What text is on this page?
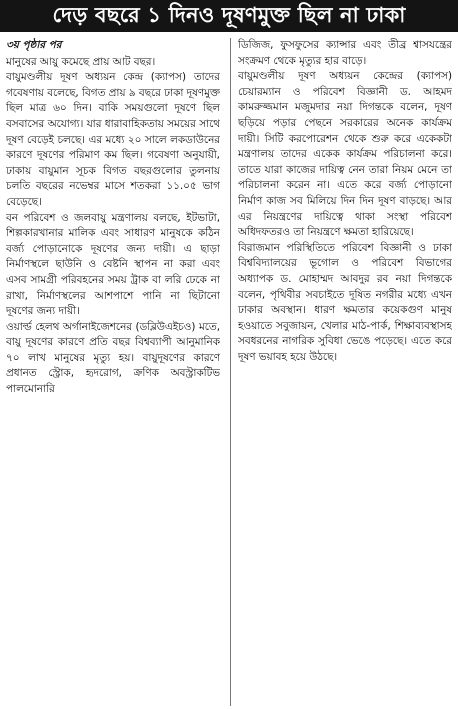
দেড় বছরে ১ দিনও দূষণমুক্ত ছিল না ঢাকা

৩য় পৃষ্ঠার পর

মানুষের আয়ু কমেছে প্রায় আট বছর।

বায়ুমণ্ডলীয় দূষণ অধ্যয়ন কেন্দ্র (ক্যাপস) তাদের গবেষণায় বলেছে, বিগত প্রায় ৯ বছরে ঢাকা দূষণমুক্ত ছিল মাত্র ৬০ দিন। বাকি সময়গুলো দূষণে ছিল বসবাসের অযোগ্য। যার ধারাবাহিকতায় সময়ের সাথে দূষণ বেড়েই চলছে। এর মধ্যে ২০ সালে লকডাউনের কারণে দূষণের পরিমাণ কম ছিল। গবেষণা অনুযায়ী, ঢাকায় বায়ুমান সূচক বিগত বছরগুলোর তুলনায় চলতি বছরের নভেম্বর মাসে শতকরা ১১.০৫ ভাগ বেড়েছে।

বন পরিবেশ ও জলবায়ু মন্ত্রণালয় বলছে, ইটভাটা, শিল্পকারখানার মালিক এবং সাধারণ মানুষকে কঠিন বর্জ্য পোড়ানোকে দূষণের জন্য দায়ী। এ ছাড়া নির্মাণস্থলে ছাউনি ও বেষ্টনি স্থাপন না করা এবং এসব সামগ্রী পরিবহনের সময় ট্রাক বা লরি ঢেকে না রাখা, নির্মাণস্থলের আশপাশে পানি না ছিটানো দূষণের জন্য দায়ী।

ওয়ার্ল্ড হেলথ অর্গানাইজেশনের (ডব্লিউএইচও) মতে, বায়ু দূষণের কারণে প্রতি বছর বিশ্বব্যাপী আনুমানিক ৭০ লাখ মানুষের মৃত্যু হয়। বায়ুদূষণের কারণে প্রধানত স্ট্রোক, হৃদরোগ, ক্রণিক অবস্ট্রাকটিভ পালমোনারি

ডিজিজ, ফুসফুসের ক্যান্সার এবং তীব্র শ্বাসযন্ত্রের সংক্রমণ থেকে মৃত্যুর হার বাড়ে।

বায়ুমণ্ডলীয় দূষণ অধ্যয়ন কেন্দ্রের (ক্যাপস) চেয়ারম্যান ও পরিবেশ বিজ্ঞানী ড. আহমদ কামরুজ্জমান মজুমদার নয়া দিগন্তকে বলেন, দূষণ ছড়িয়ে পড়ার পেছনে সরকারের অনেক কার্যক্রম দায়ী। সিটি করপোরেশন থেকে শুরু করে একেকটা মন্ত্রণালয় তাদের একেক কার্যক্রম পরিচালনা করে। তাতে যারা কাজের দায়িত্ব নেন তারা নিয়ম মেনে তা পরিচালনা করেন না। এতে করে বর্জ্য পোড়ানো নির্মাণ কাজ সব মিলিয়ে দিন দিন দূষণ বাড়ছে। আর এর নিয়ন্ত্রণের দায়িত্বে থাকা সংস্থা পরিবেশ অধিদফতরও তা নিয়ন্ত্রণে ক্ষমতা হারিয়েছে।

বিরাজমান পরিস্থিতিতে পরিবেশ বিজ্ঞানী ও ঢাকা বিশ্ববিদ্যালয়ের ভূগোল ও পরিবেশ বিভাগের অধ্যাপক ড. মোহাম্মদ আবদুর রব নয়া দিগন্তকে বলেন, পৃথিবীর সবচাইতে দূষিত নগরীর মধ্যে এখন ঢাকার অবস্থান। ধারণ ক্ষমতার কয়েকগুণ মানুষ হওয়াতে সবুজায়ন, খেলার মাঠ-পার্ক, শিক্ষাব্যবস্থাসহ সবধরনের নাগরিক সুবিধা ভেঙে পড়েছে। এতে করে দূষণ ভয়াবহ হয়ে উঠছে।
